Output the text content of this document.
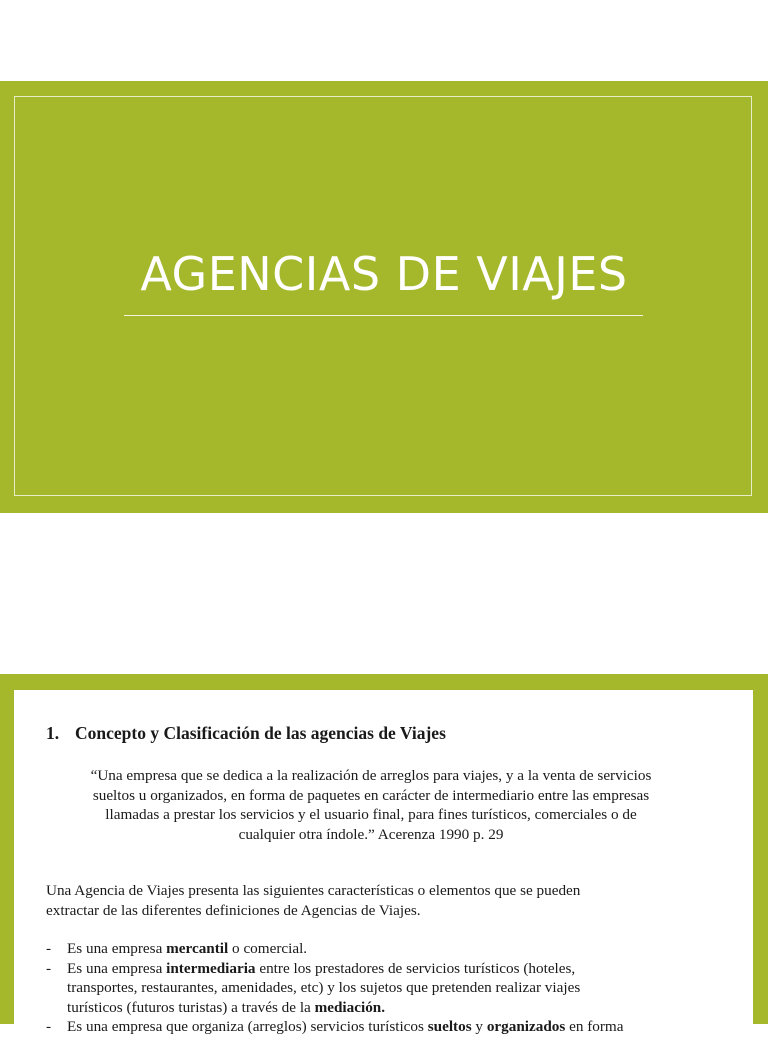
AGENCIAS DE VIAJES
1. Concepto y Clasificación de las agencias de Viajes
“Una empresa que se dedica a la realización de arreglos para viajes, y a la venta de servicios
sueltos u organizados, en forma de paquetes en carácter de intermediario entre las empresas
llamadas a prestar los servicios y el usuario final, para fines turísticos, comerciales o de
cualquier otra índole.” Acerenza 1990 p. 29
Una Agencia de Viajes presenta las siguientes características o elementos que se pueden
extractar de las diferentes definiciones de Agencias de Viajes.
- Es una empresa mercantil o comercial.
- Es una empresa intermediaria entre los prestadores de servicios turísticos (hoteles,
transportes, restaurantes, amenidades, etc) y los sujetos que pretenden realizar viajes
turísticos (futuros turistas) a través de la mediación.
- Es una empresa que organiza (arreglos) servicios turísticos sueltos y organizados en forma
